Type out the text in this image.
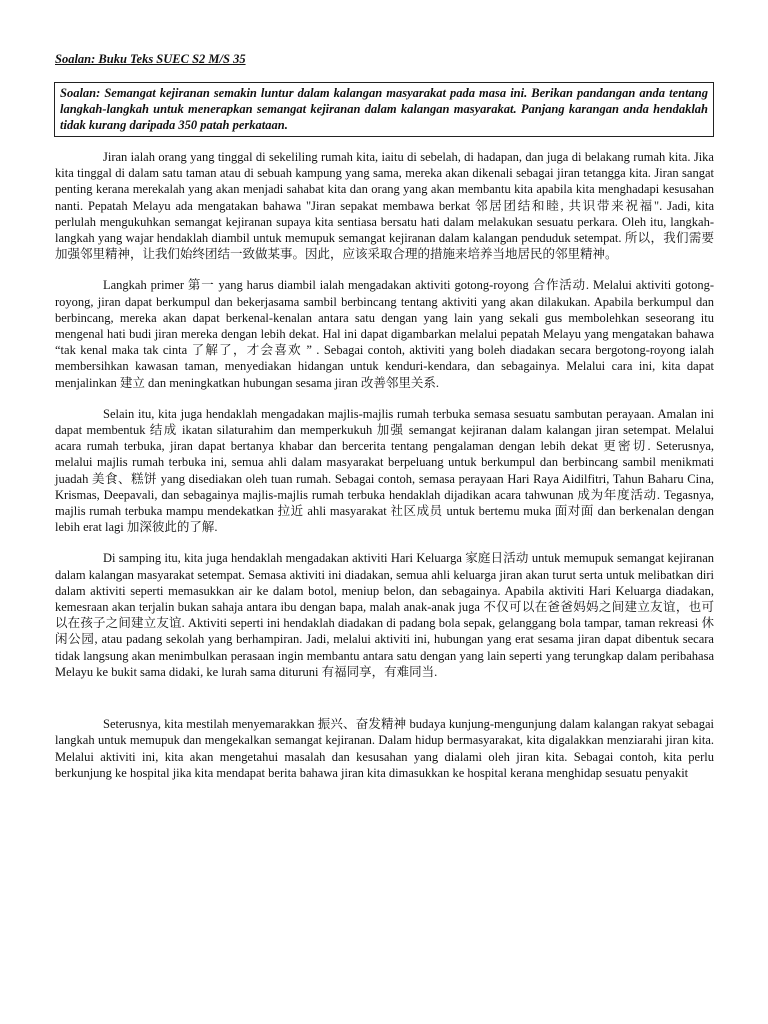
Soalan: Buku Teks SUEC S2 M/S 35
Soalan: Semangat kejiranan semakin luntur dalam kalangan masyarakat pada masa ini. Berikan pandangan anda tentang langkah-langkah untuk menerapkan semangat kejiranan dalam kalangan masyarakat. Panjang karangan anda hendaklah tidak kurang daripada 350 patah perkataan.

Jiran ialah orang yang tinggal di sekeliling rumah kita, iaitu di sebelah, di hadapan, dan juga di belakang rumah kita. Jika kita tinggal di dalam satu taman atau di sebuah kampung yang sama, mereka akan dikenali sebagai jiran tetangga kita. Jiran sangat penting kerana merekalah yang akan menjadi sahabat kita dan orang yang akan membantu kita apabila kita menghadapi kesusahan nanti. Pepatah Melayu ada mengatakan bahawa "Jiran sepakat membawa berkat 邻居团结和睦, 共识带来祝福". Jadi, kita perlulah mengukuhkan semangat kejiranan supaya kita sentiasa bersatu hati dalam melakukan sesuatu perkara. Oleh itu, langkah-langkah yang wajar hendaklah diambil untuk memupuk semangat kejiranan dalam kalangan penduduk setempat. 所以，我们需要加强邻里精神，让我们始终团结一致做某事。因此，应该采取合理的措施来培养当地居民的邻里精神。

Langkah primer 第一 yang harus diambil ialah mengadakan aktiviti gotong-royong 合作活动. Melalui aktiviti gotong-royong, jiran dapat berkumpul dan bekerjasama sambil berbincang tentang aktiviti yang akan dilakukan. Apabila berkumpul dan berbincang, mereka akan dapat berkenal-kenalan antara satu dengan yang lain yang sekali gus membolehkan seseorang itu mengenal hati budi jiran mereka dengan lebih dekat. Hal ini dapat digambarkan melalui pepatah Melayu yang mengatakan bahawa “tak kenal maka tak cinta 了解了，才会喜欢 ” . Sebagai contoh, aktiviti yang boleh diadakan secara bergotong-royong ialah membersihkan kawasan taman, menyediakan hidangan untuk kenduri-kendara, dan sebagainya. Melalui cara ini, kita dapat menjalinkan 建立 dan meningkatkan hubungan sesama jiran 改善邻里关系.

Selain itu, kita juga hendaklah mengadakan majlis-majlis rumah terbuka semasa sesuatu sambutan perayaan. Amalan ini dapat membentuk 结成 ikatan silaturahim dan memperkukuh 加强 semangat kejiranan dalam kalangan jiran setempat. Melalui acara rumah terbuka, jiran dapat bertanya khabar dan bercerita tentang pengalaman dengan lebih dekat 更密切. Seterusnya, melalui majlis rumah terbuka ini, semua ahli dalam masyarakat berpeluang untuk berkumpul dan berbincang sambil menikmati juadah 美食、糕饼 yang disediakan oleh tuan rumah. Sebagai contoh, semasa perayaan Hari Raya Aidilfitri, Tahun Baharu Cina, Krismas, Deepavali, dan sebagainya majlis-majlis rumah terbuka hendaklah dijadikan acara tahwunan 成为年度活动. Tegasnya, majlis rumah terbuka mampu mendekatkan 拉近 ahli masyarakat 社区成员 untuk bertemu muka 面对面 dan berkenalan dengan lebih erat lagi 加深彼此的了解.

Di samping itu, kita juga hendaklah mengadakan aktiviti Hari Keluarga 家庭日活动 untuk memupuk semangat kejiranan dalam kalangan masyarakat setempat. Semasa aktiviti ini diadakan, semua ahli keluarga jiran akan turut serta untuk melibatkan diri dalam aktiviti seperti memasukkan air ke dalam botol, meniup belon, dan sebagainya. Apabila aktiviti Hari Keluarga diadakan, kemesraan akan terjalin bukan sahaja antara ibu dengan bapa, malah anak-anak juga 不仅可以在爸爸妈妈之间建立友谊，也可以在孩子之间建立友谊. Aktiviti seperti ini hendaklah diadakan di padang bola sepak, gelanggang bola tampar, taman rekreasi 休闲公园, atau padang sekolah yang berhampiran. Jadi, melalui aktiviti ini, hubungan yang erat sesama jiran dapat dibentuk secara tidak langsung akan menimbulkan perasaan ingin membantu antara satu dengan yang lain seperti yang terungkap dalam peribahasa Melayu ke bukit sama didaki, ke lurah sama dituruni 有福同享，有难同当.

Seterusnya, kita mestilah menyemarakkan 振兴、奋发精神 budaya kunjung-mengunjung dalam kalangan rakyat sebagai langkah untuk memupuk dan mengekalkan semangat kejiranan. Dalam hidup bermasyarakat, kita digalakkan menziarahi jiran kita. Melalui aktiviti ini, kita akan mengetahui masalah dan kesusahan yang dialami oleh jiran kita. Sebagai contoh, kita perlu berkunjung ke hospital jika kita mendapat berita bahawa jiran kita dimasukkan ke hospital kerana menghidap sesuatu penyakit
